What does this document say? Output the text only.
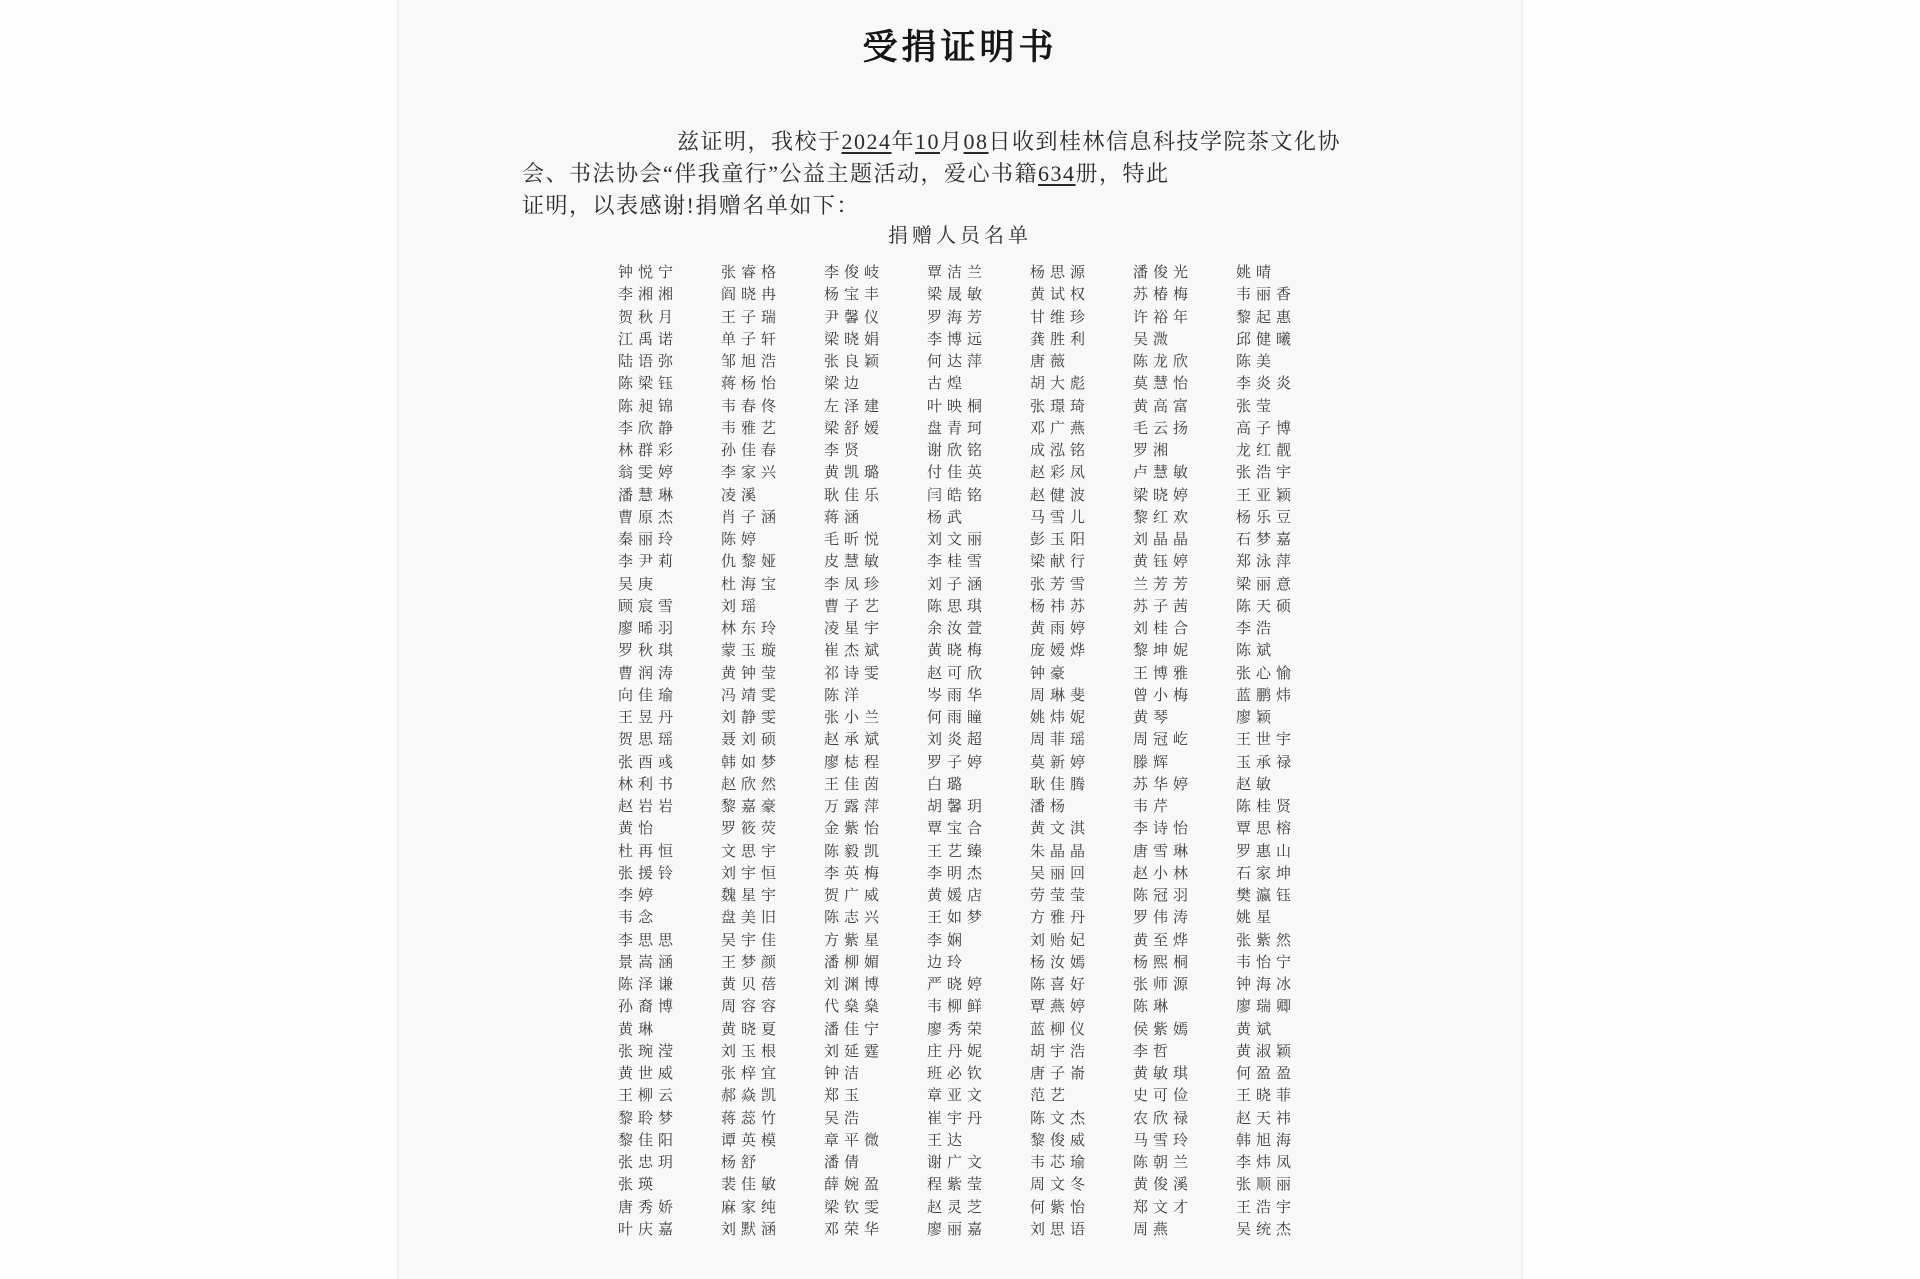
受捐证明书
兹证明，我校于2024年10月08日收到桂林信息科技学院茶文化协
会、书法协会“伴我童行”公益主题活动，爱心书籍634册，特此
证明，以表感谢!捐赠名单如下：
捐赠人员名单
钟悦宁	张睿格	李俊岐	覃洁兰	杨思源	潘俊光	姚晴
李湘湘	阎晓冉	杨宝丰	梁晟敏	黄试权	苏椿梅	韦丽香
贺秋月	王子瑞	尹馨仪	罗海芳	甘维珍	许裕年	黎起惠
江禹诺	单子轩	梁晓娟	李博远	龚胜利	吴溦	邱健曦
陆语弥	邹旭浩	张良颖	何达萍	唐薇	陈龙欣	陈美
陈梁钰	蒋杨怡	梁边	古煌	胡大彪	莫慧怡	李炎炎
陈昶锦	韦春佟	左泽建	叶映桐	张璟琦	黄高富	张莹
李欣静	韦雅艺	梁舒嫒	盘青珂	邓广燕	毛云扬	高子博
林群彩	孙佳春	李贤	谢欣铭	成泓铭	罗湘	龙红靓
翁雯婷	李家兴	黄凯璐	付佳英	赵彩凤	卢慧敏	张浩宇
潘慧琳	凌溪	耿佳乐	闫皓铭	赵健波	梁晓婷	王亚颖
曹原杰	肖子涵	蒋涵	杨武	马雪儿	黎红欢	杨乐豆
秦丽玲	陈婷	毛昕悦	刘文丽	彭玉阳	刘晶晶	石梦嘉
李尹莉	仇黎娅	皮慧敏	李桂雪	梁献行	黄钰婷	郑泳萍
吴庚	杜海宝	李凤珍	刘子涵	张芳雪	兰芳芳	梁丽意
顾宸雪	刘瑶	曹子艺	陈思琪	杨祎苏	苏子茜	陈天硕
廖晞羽	林东玲	凌星宇	余汝萱	黄雨婷	刘桂合	李浩
罗秋琪	蒙玉璇	崔杰斌	黄晓梅	庞嫒烨	黎坤妮	陈斌
曹润涛	黄钟莹	祁诗雯	赵可欣	钟豪	王博雅	张心愉
向佳瑜	冯靖雯	陈洋	岑雨华	周琳斐	曾小梅	蓝鹏炜
王昱丹	刘静雯	张小兰	何雨瞳	姚炜妮	黄琴	廖颖
贺思瑶	聂刘硕	赵承斌	刘炎超	周菲瑶	周冠屹	王世宇
张酉彧	韩如梦	廖梽程	罗子婷	莫新婷	滕辉	玉承禄
林利书	赵欣然	王佳茵	白璐	耿佳腾	苏华婷	赵敏
赵岩岩	黎嘉豪	万露萍	胡馨玥	潘杨	韦芹	陈桂贤
黄怡	罗筱荧	金紫怡	覃宝合	黄文淇	李诗怡	覃思榕
杜再恒	文思宇	陈毅凯	王艺臻	朱晶晶	唐雪琳	罗惠山
张援铃	刘宇恒	李英梅	李明杰	吴丽回	赵小林	石家坤
李婷	魏星宇	贺广威	黄媛店	劳莹莹	陈冠羽	樊瀛钰
韦念	盘美旧	陈志兴	王如梦	方雅丹	罗伟涛	姚星
李思思	吴宇佳	方紫星	李娴	刘贻妃	黄至烨	张紫然
景嵩涵	王梦颜	潘柳媚	边玲	杨汝嫣	杨熙桐	韦怡宁
陈泽谦	黄贝蓓	刘渊博	严晓婷	陈喜好	张师源	钟海冰
孙裔博	周容容	代燊燊	韦柳鲜	覃燕婷	陈琳	廖瑞卿
黄琳	黄晓夏	潘佳宁	廖秀荣	蓝柳仪	侯紫嫣	黄斌
张琬滢	刘玉根	刘延霆	庄丹妮	胡宇浩	李哲	黄淑颖
黄世威	张梓宜	钟洁	班必钦	唐子嵛	黄敏琪	何盈盈
王柳云	郝焱凯	郑玉	章亚文	范艺	史可俭	王晓菲
黎聆梦	蒋蕊竹	吴浩	崔宇丹	陈文杰	农欣禄	赵天祎
黎佳阳	谭英模	章平微	王达	黎俊威	马雪玲	韩旭海
张忠玥	杨舒	潘倩	谢广文	韦芯瑜	陈朝兰	李炜凤
张瑛	裴佳敏	薛婉盈	程紫莹	周文冬	黄俊溪	张顺丽
唐秀娇	麻家纯	梁钦雯	赵灵芝	何紫怡	郑文才	王浩宇
叶庆嘉	刘默涵	邓荣华	廖丽嘉	刘思语	周燕	吴统杰
